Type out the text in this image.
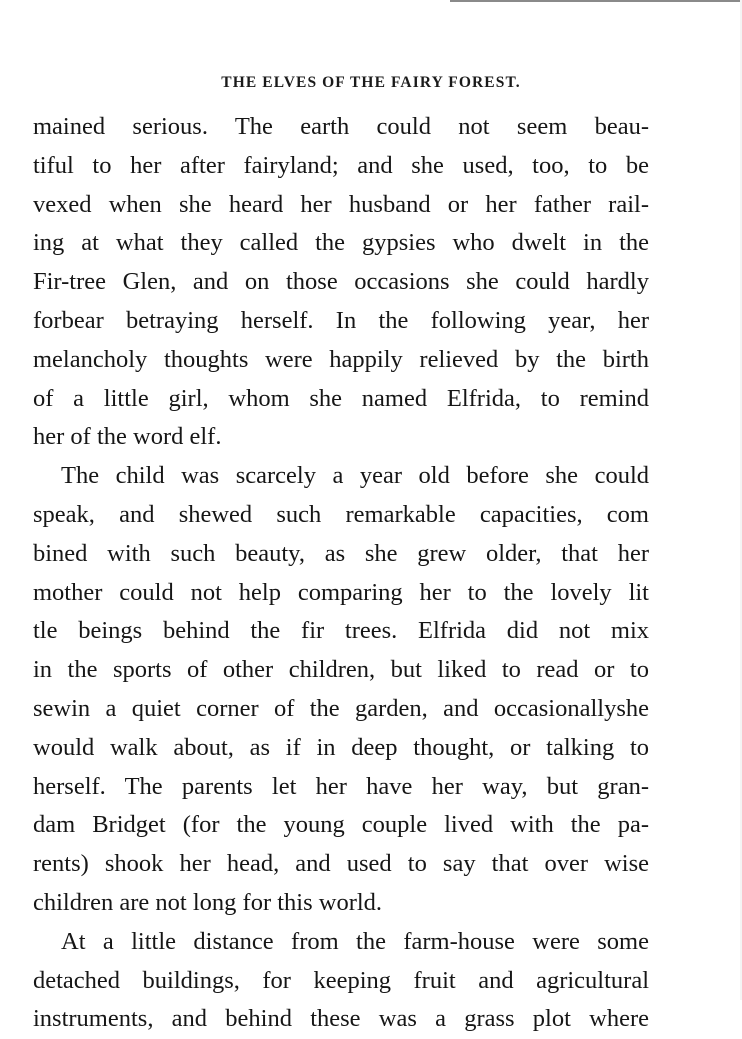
THE ELVES OF THE FAIRY FOREST.
mained serious. The earth could not seem beau-
tiful to her after fairyland; and she used, too, to be
vexed when she heard her husband or her father rail-
ing at what they called the gypsies who dwelt in the
Fir-tree Glen, and on those occasions she could hardly
forbear betraying herself. In the following year, her
melancholy thoughts were happily relieved by the birth
of a little girl, whom she named Elfrida, to remind
her of the word elf.
The child was scarcely a year old before she could
speak, and shewed such remarkable capacities, com
bined with such beauty, as she grew older, that her
mother could not help comparing her to the lovely lit
tle beings behind the fir trees. Elfrida did not mix
in the sports of other children, but liked to read or to
sewin a quiet corner of the garden, and occasionallyshe
would walk about, as if in deep thought, or talking to
herself. The parents let her have her way, but gran-
dam Bridget (for the young couple lived with the pa-
rents) shook her head, and used to say that over wise
children are not long for this world.
At a little distance from the farm-house were some
detached buildings, for keeping fruit and agricultural
instruments, and behind these was a grass plot where
